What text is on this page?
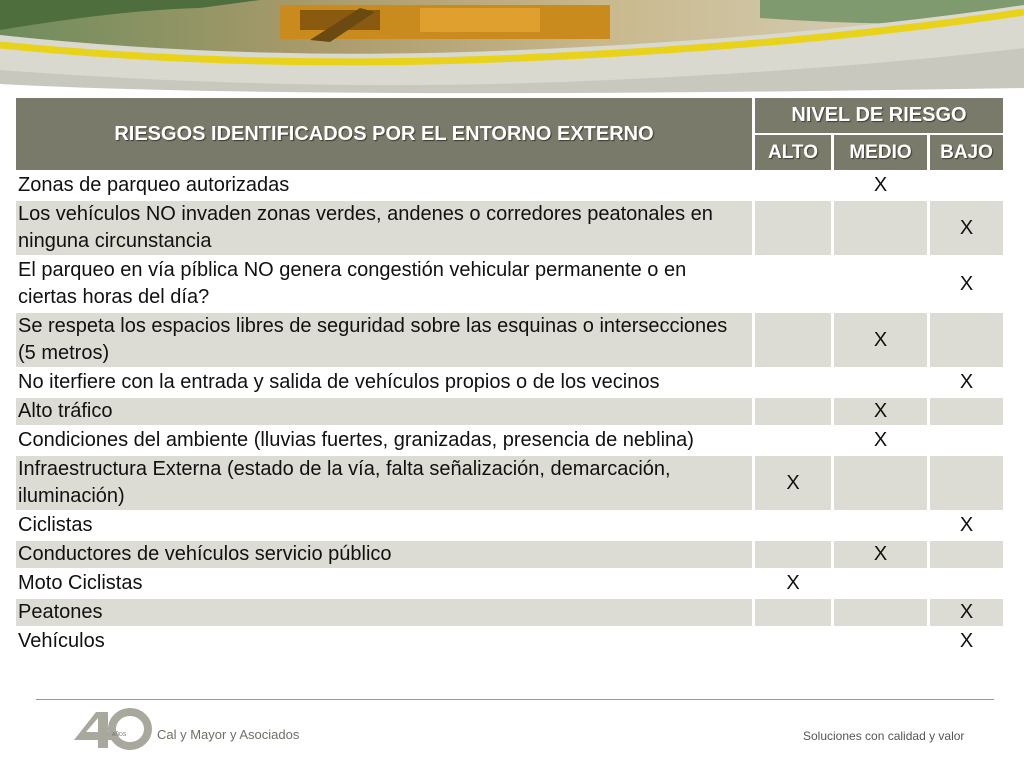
RIESGOS IDENTIFICADOS POR EL ENTORNO EXTERNO	NIVEL DE RIESGO		
	ALTO	MEDIO	BAJO
Zonas de parqueo autorizadas		X	
Los vehículos NO invaden zonas verdes, andenes o corredores peatonales en ninguna circunstancia			X
El parqueo en vía píblica NO genera congestión vehicular permanente o en ciertas horas del día?			X
Se respeta los espacios libres de seguridad sobre las esquinas o intersecciones (5 metros)		X	
No iterfiere con la entrada y salida de vehículos propios o de los vecinos			X
Alto tráfico		X	
Condiciones del ambiente (lluvias fuertes, granizadas, presencia de neblina)		X	
Infraestructura Externa (estado de la vía, falta señalización, demarcación, iluminación)	X		
Ciclistas			X
Conductores de vehículos servicio público		X	
Moto Ciclistas	X		
Peatones			X
Vehículos			X
AÑOS Cal y Mayor y Asociados	Soluciones con calidad y valor
